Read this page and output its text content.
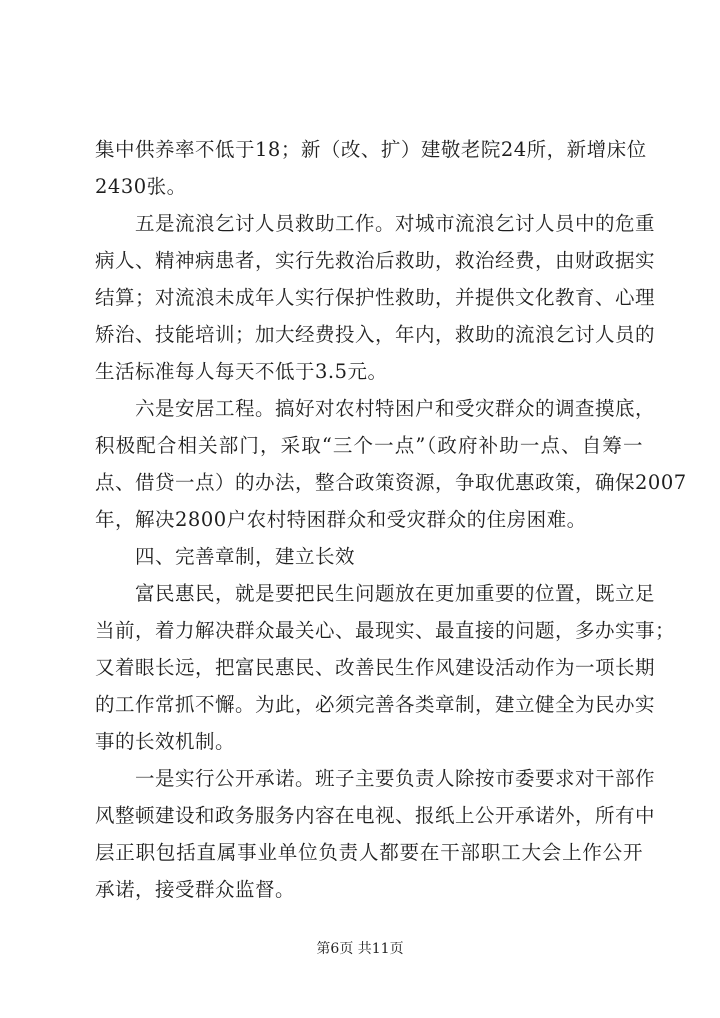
集中供养率不低于18；新（改、扩）建敬老院24所，新增床位
2430张。
　　五是流浪乞讨人员救助工作。对城市流浪乞讨人员中的危重
病人、精神病患者，实行先救治后救助，救治经费，由财政据实
结算；对流浪未成年人实行保护性救助，并提供文化教育、心理
矫治、技能培训；加大经费投入，年内，救助的流浪乞讨人员的
生活标准每人每天不低于3.5元。
　　六是安居工程。搞好对农村特困户和受灾群众的调查摸底，
积极配合相关部门，采取“三个一点”（政府补助一点、自筹一
点、借贷一点）的办法，整合政策资源，争取优惠政策，确保2007
年，解决2800户农村特困群众和受灾群众的住房困难。
　　四、完善章制，建立长效
　　富民惠民，就是要把民生问题放在更加重要的位置，既立足
当前，着力解决群众最关心、最现实、最直接的问题，多办实事；
又着眼长远，把富民惠民、改善民生作风建设活动作为一项长期
的工作常抓不懈。为此，必须完善各类章制，建立健全为民办实
事的长效机制。
　　一是实行公开承诺。班子主要负责人除按市委要求对干部作
风整顿建设和政务服务内容在电视、报纸上公开承诺外，所有中
层正职包括直属事业单位负责人都要在干部职工大会上作公开
承诺，接受群众监督。
第6页 共11页
